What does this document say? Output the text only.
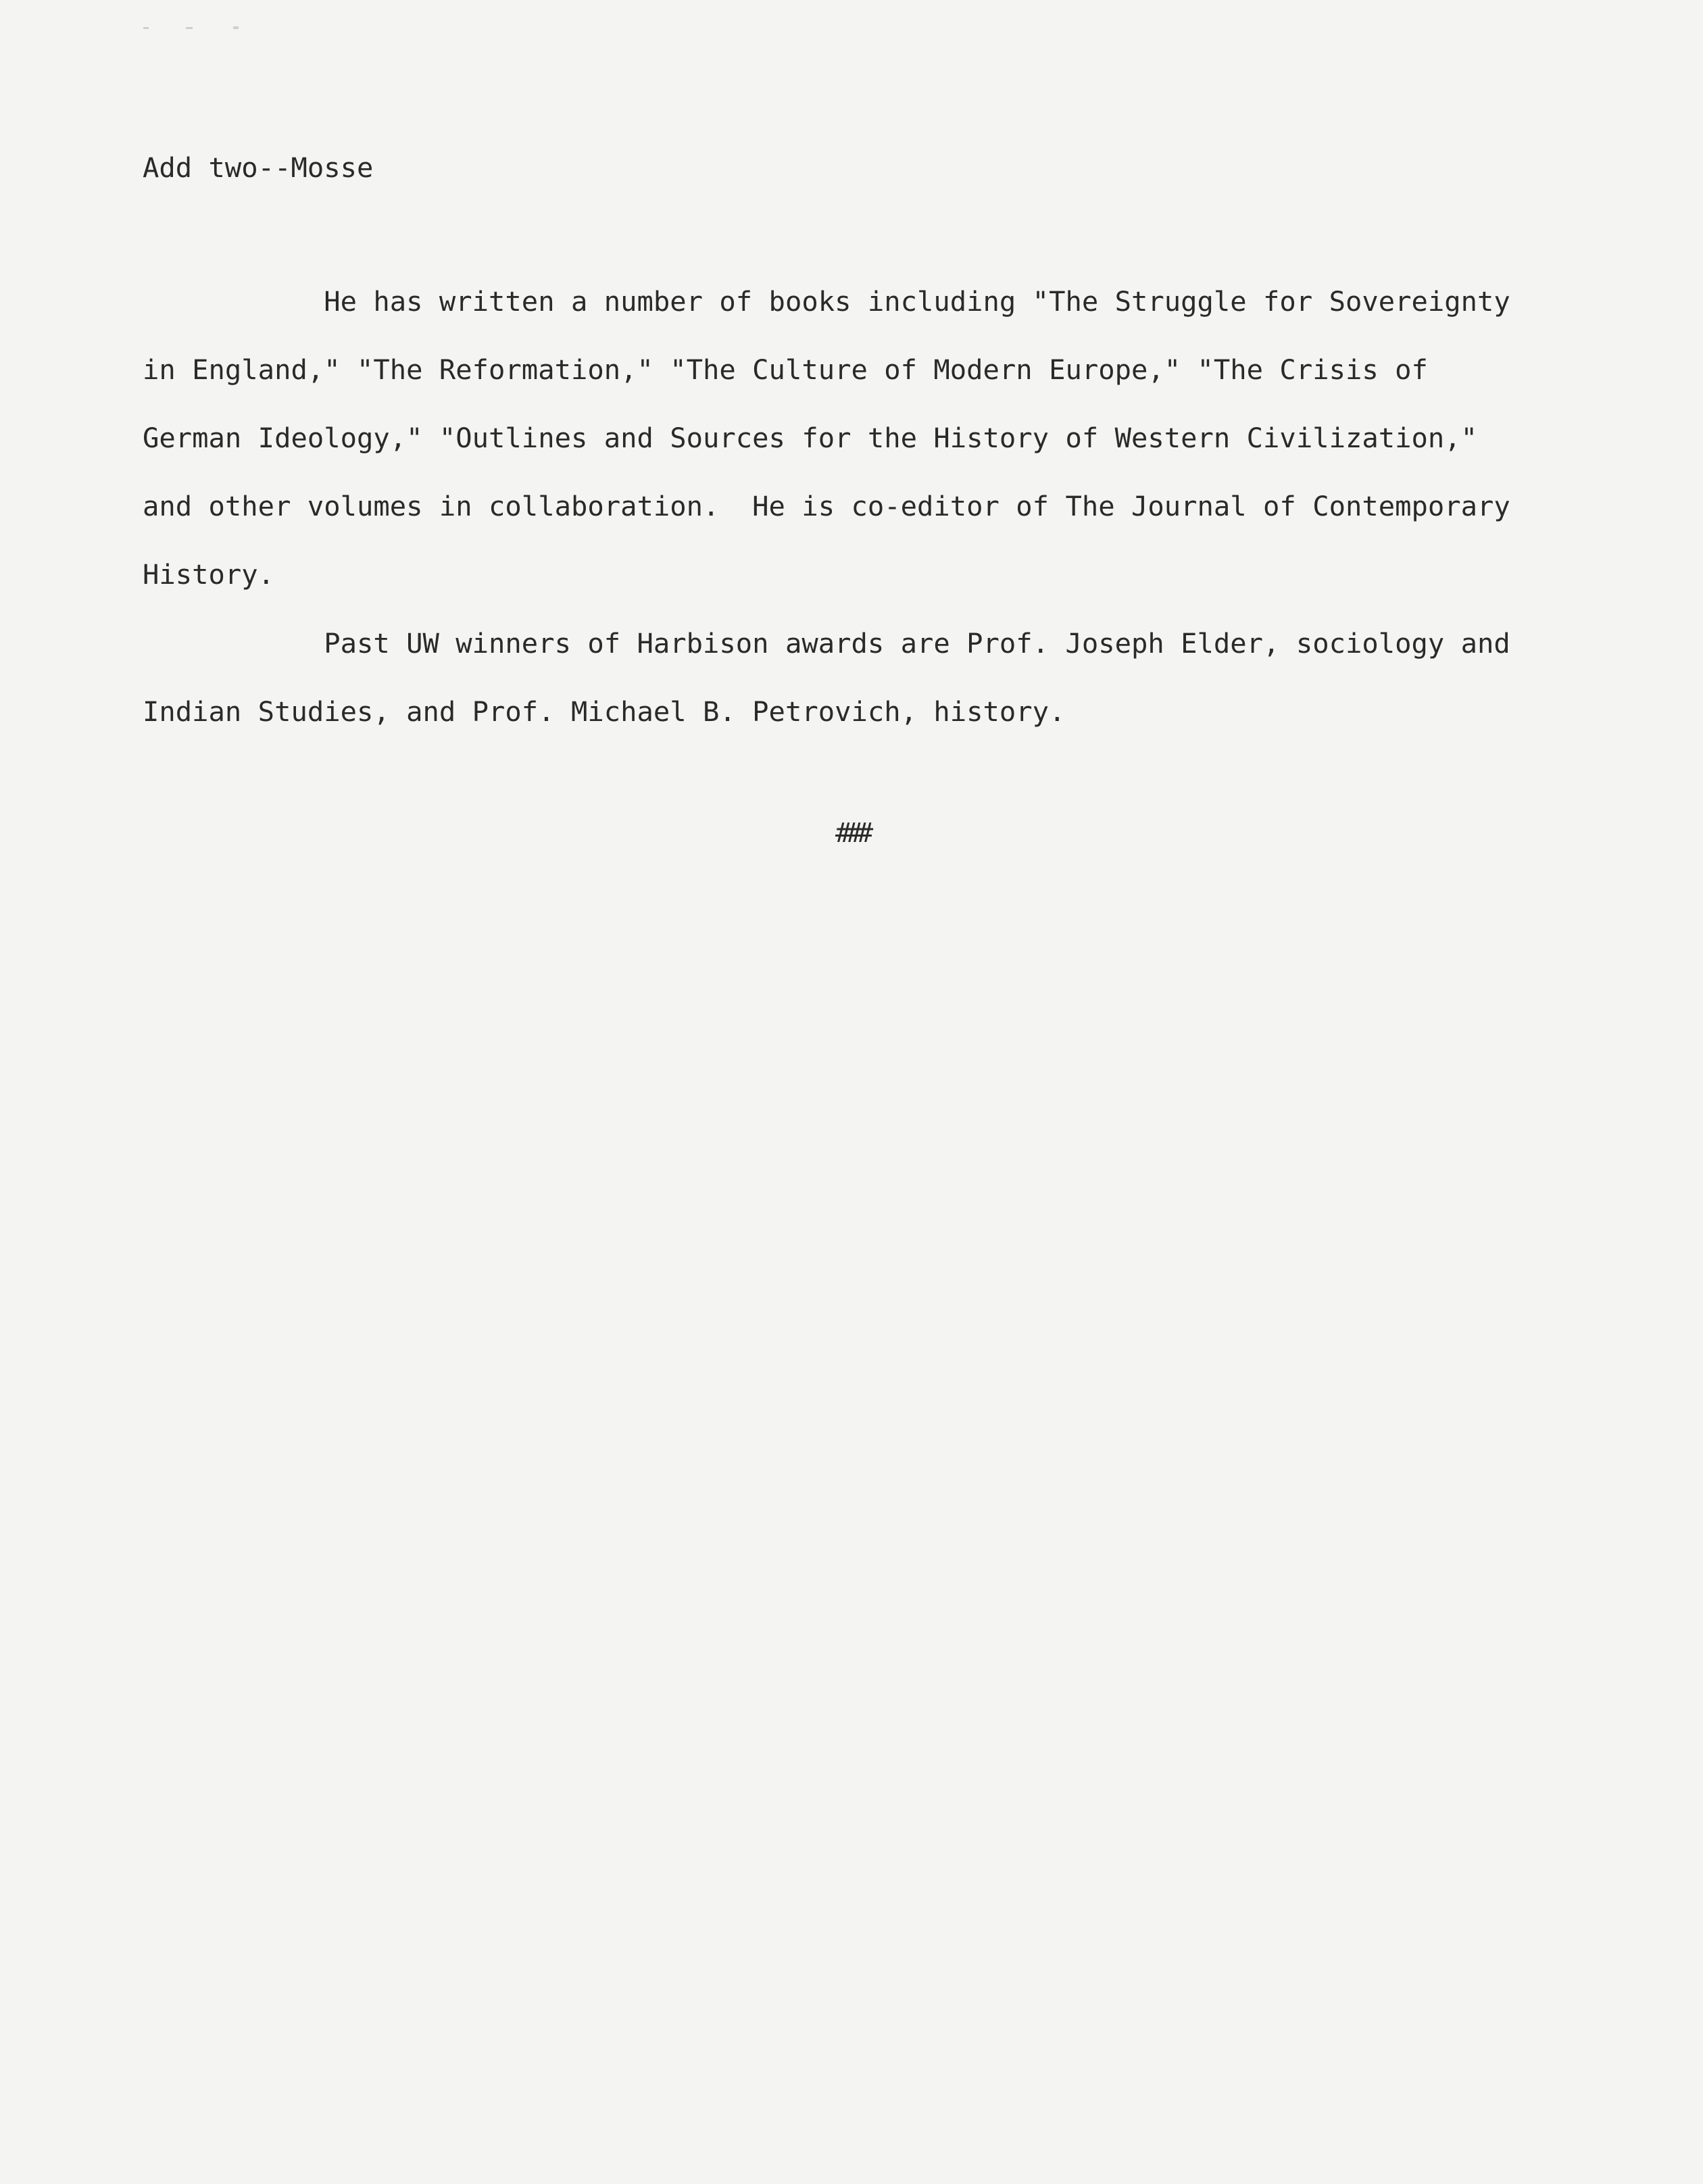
Add two--Mosse
He has written a number of books including "The Struggle for Sovereignty
in England," "The Reformation," "The Culture of Modern Europe," "The Crisis of
German Ideology," "Outlines and Sources for the History of Western Civilization,"
and other volumes in collaboration.  He is co-editor of The Journal of Contemporary
History.
Past UW winners of Harbison awards are Prof. Joseph Elder, sociology and
Indian Studies, and Prof. Michael B. Petrovich, history.
###
